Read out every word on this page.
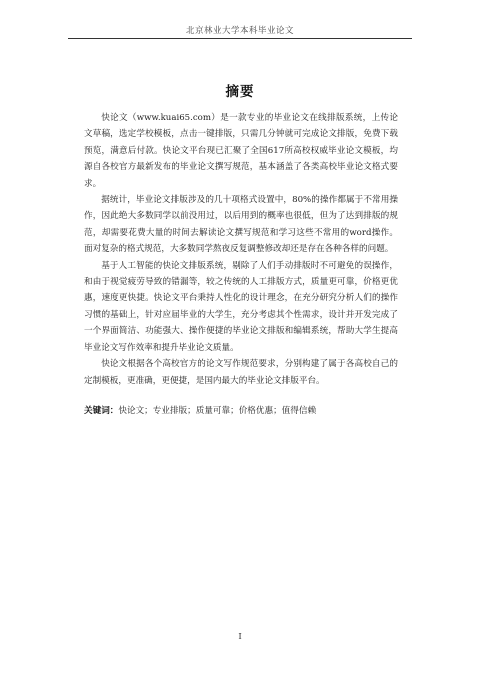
北京林业大学本科毕业论文
摘要

快论文（www.kuai65.com）是一款专业的毕业论文在线排版系统，上传论文草稿，选定学校模板，点击一键排版，只需几分钟就可完成论文排版，免费下载预览，满意后付款。快论文平台现已汇聚了全国617所高校权威毕业论文模板，均源自各校官方最新发布的毕业论文撰写规范，基本涵盖了各类高校毕业论文格式要求。

据统计，毕业论文排版涉及的几十项格式设置中，80%的操作都属于不常用操作，因此绝大多数同学以前没用过，以后用到的概率也很低，但为了达到排版的规范，却需要花费大量的时间去解读论文撰写规范和学习这些不常用的word操作。面对复杂的格式规范，大多数同学熬夜反复调整修改却还是存在各种各样的问题。

基于人工智能的快论文排版系统，剔除了人们手动排版时不可避免的误操作，和由于视觉疲劳导致的错漏等，较之传统的人工排版方式，质量更可靠，价格更优惠，速度更快捷。快论文平台秉持人性化的设计理念，在充分研究分析人们的操作习惯的基础上，针对应届毕业的大学生，充分考虑其个性需求，设计并开发完成了一个界面简洁、功能强大、操作便捷的毕业论文排版和编辑系统，帮助大学生提高毕业论文写作效率和提升毕业论文质量。

快论文根据各个高校官方的论文写作规范要求，分别构建了属于各高校自己的定制模板，更准确，更便捷，是国内最大的毕业论文排版平台。

关键词：快论文；专业排版；质量可靠；价格优惠；值得信赖
I
